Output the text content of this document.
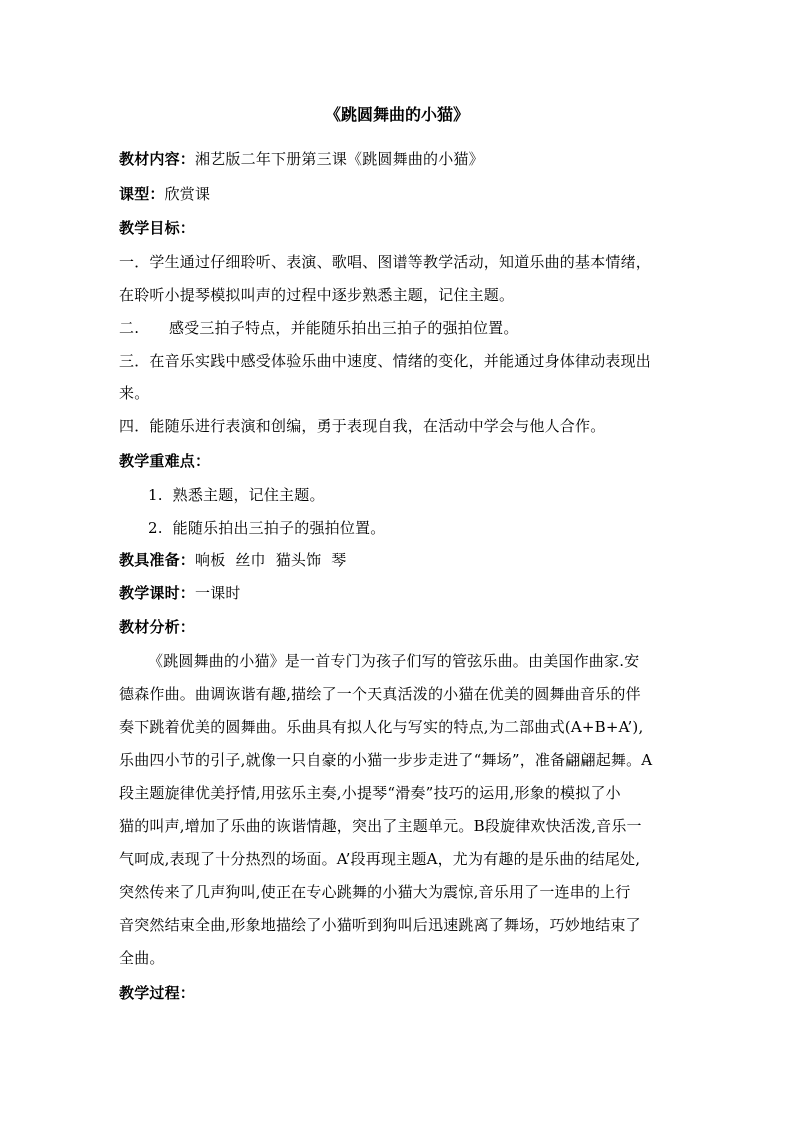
《跳圆舞曲的小猫》
教材内容：湘艺版二年下册第三课《跳圆舞曲的小猫》
课型：欣赏课
教学目标：
一．学生通过仔细聆听、表演、歌唱、图谱等教学活动，知道乐曲的基本情绪，
在聆听小提琴模拟叫声的过程中逐步熟悉主题，记住主题。
二.      感受三拍子特点，并能随乐拍出三拍子的强拍位置。
三．在音乐实践中感受体验乐曲中速度、情绪的变化，并能通过身体律动表现出
来。
四．能随乐进行表演和创编，勇于表现自我，在活动中学会与他人合作。
教学重难点：
1.  熟悉主题，记住主题。
2.  能随乐拍出三拍子的强拍位置。
教具准备：响板  丝巾  猫头饰  琴
教学课时：一课时
教材分析：
《跳圆舞曲的小猫》是一首专门为孩子们写的管弦乐曲。由美国作曲家.安
德森作曲。曲调诙谐有趣,描绘了一个天真活泼的小猫在优美的圆舞曲音乐的伴
奏下跳着优美的圆舞曲。乐曲具有拟人化与写实的特点,为二部曲式(A+B+A’),
乐曲四小节的引子,就像一只自豪的小猫一步步走进了“舞场”，准备翩翩起舞。A
段主题旋律优美抒情,用弦乐主奏,小提琴“滑奏”技巧的运用,形象的模拟了小
猫的叫声,增加了乐曲的诙谐情趣，突出了主题单元。B段旋律欢快活泼,音乐一
气呵成,表现了十分热烈的场面。A’段再现主题A，尤为有趣的是乐曲的结尾处,
突然传来了几声狗叫,使正在专心跳舞的小猫大为震惊,音乐用了一连串的上行
音突然结束全曲,形象地描绘了小猫听到狗叫后迅速跳离了舞场，巧妙地结束了
全曲。
教学过程：
